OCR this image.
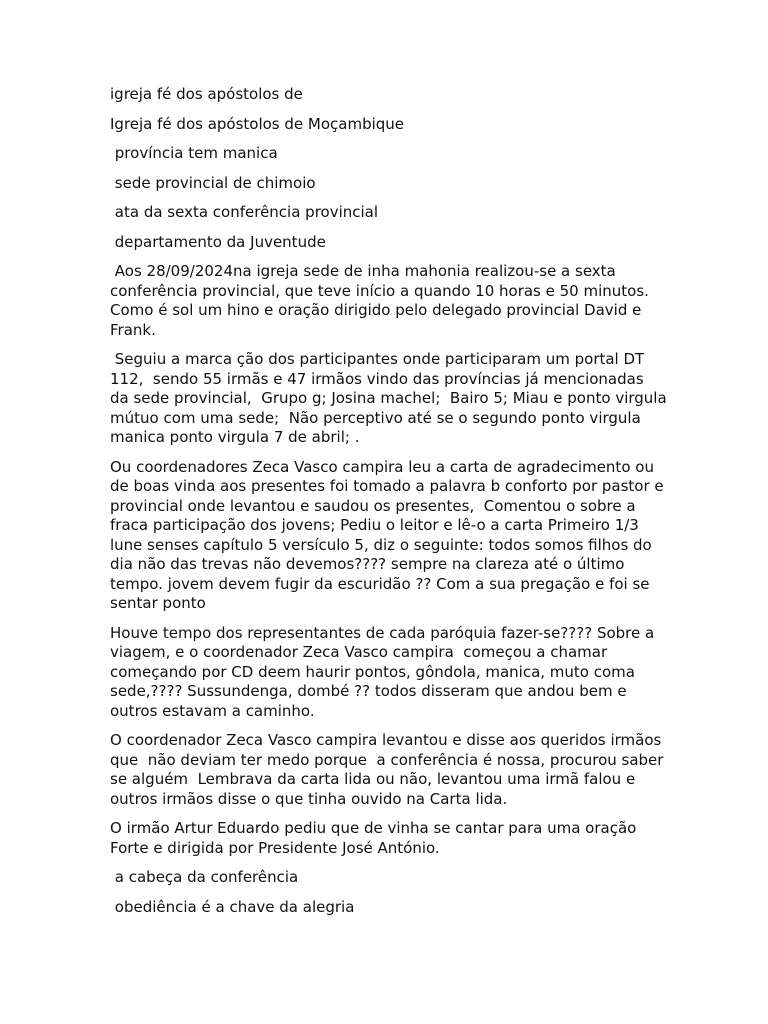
igreja fé dos apóstolos de

Igreja fé dos apóstolos de Moçambique

província tem manica

sede provincial de chimoio

ata da sexta conferência provincial

departamento da Juventude

Aos 28/09/2024na igreja sede de inha mahonia realizou-se a sexta conferência provincial, que teve início a quando 10 horas e 50 minutos.  Como é sol um hino e oração dirigido pelo delegado provincial David e Frank.

Seguiu a marca ção dos participantes onde participaram um portal DT 112,  sendo 55 irmãs e 47 irmãos vindo das províncias já mencionadas  da sede provincial,  Grupo g; Josina machel;  Bairo 5; Miau e ponto virgula mútuo com uma sede;  Não perceptivo até se o segundo ponto virgula manica ponto virgula 7 de abril; .

Ou coordenadores Zeca Vasco campira leu a carta de agradecimento ou de boas vinda aos presentes foi tomado a palavra b conforto por pastor e provincial onde levantou e saudou os presentes,  Comentou o sobre a fraca participação dos jovens; Pediu o leitor e lê-o a carta Primeiro 1/3 lune senses capítulo 5 versículo 5, diz o seguinte: todos somos filhos do dia não das trevas não devemos???? sempre na clareza até o último tempo. jovem devem fugir da escuridão ?? Com a sua pregação e foi se sentar ponto

Houve tempo dos representantes de cada paróquia fazer-se???? Sobre a viagem, e o coordenador Zeca Vasco campira  começou a chamar começando por CD deem haurir pontos, gôndola, manica, muto coma sede,???? Sussundenga, dombé ?? todos disseram que andou bem e outros estavam a caminho.

O coordenador Zeca Vasco campira levantou e disse aos queridos irmãos que  não deviam ter medo porque  a conferência é nossa, procurou saber se alguém  Lembrava da carta lida ou não, levantou uma irmã falou e outros irmãos disse o que tinha ouvido na Carta lida.

O irmão Artur Eduardo pediu que de vinha se cantar para uma oração Forte e dirigida por Presidente José António.

a cabeça da conferência

obediência é a chave da alegria
